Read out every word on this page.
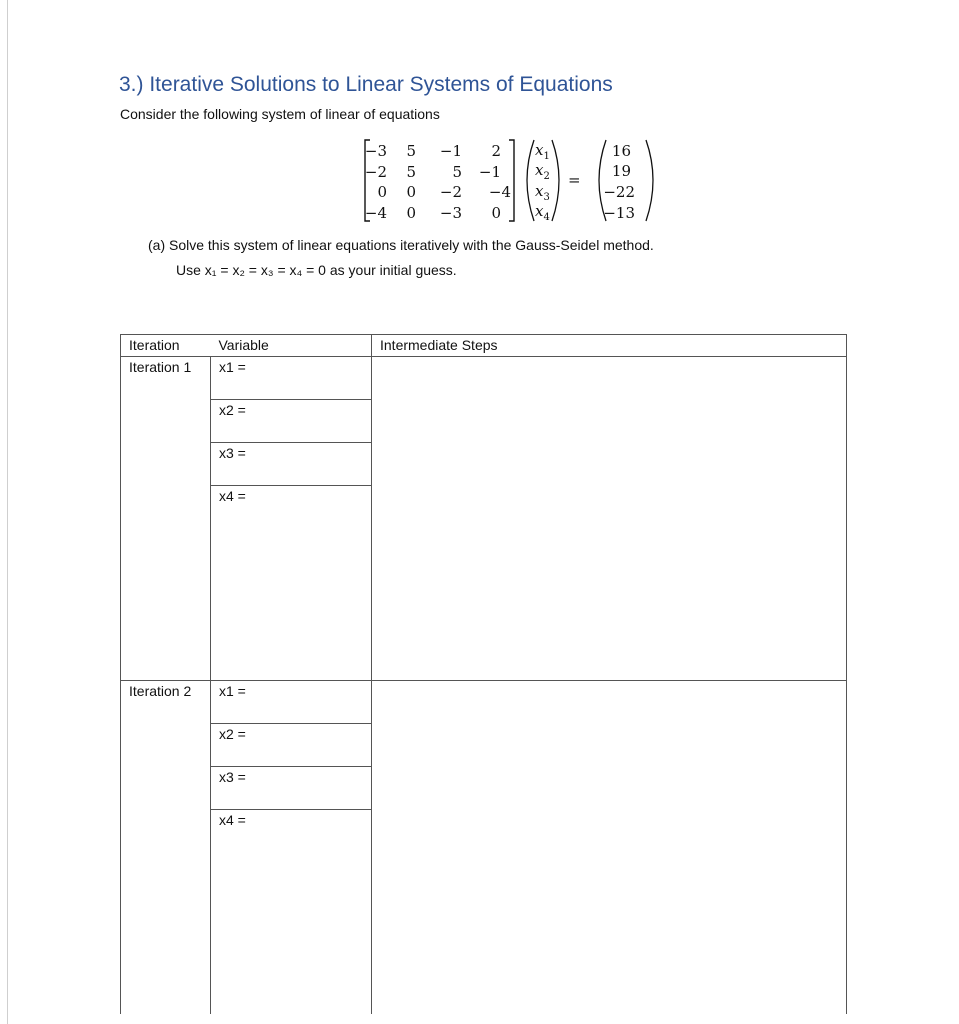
3.) Iterative Solutions to Linear Systems of Equations
Consider the following system of linear of equations
−3	5	−1	2
−2	5	5	−1
0	0	−2	−4
−4	0	−3	0
$x_1$
$x_2$
$x_3$
$x_4$
=
16
19
−22
−13
(a) Solve this system of linear equations iteratively with the Gauss-Seidel method.
Use x₁ = x₂ = x₃ = x₄ = 0 as your initial guess.
Iteration	Variable	Intermediate Steps
Iteration 1	x1 =	
	x2 =	
	x3 =	
	x4 =	
Iteration 2	x1 =	
	x2 =	
	x3 =	
	x4 =	
